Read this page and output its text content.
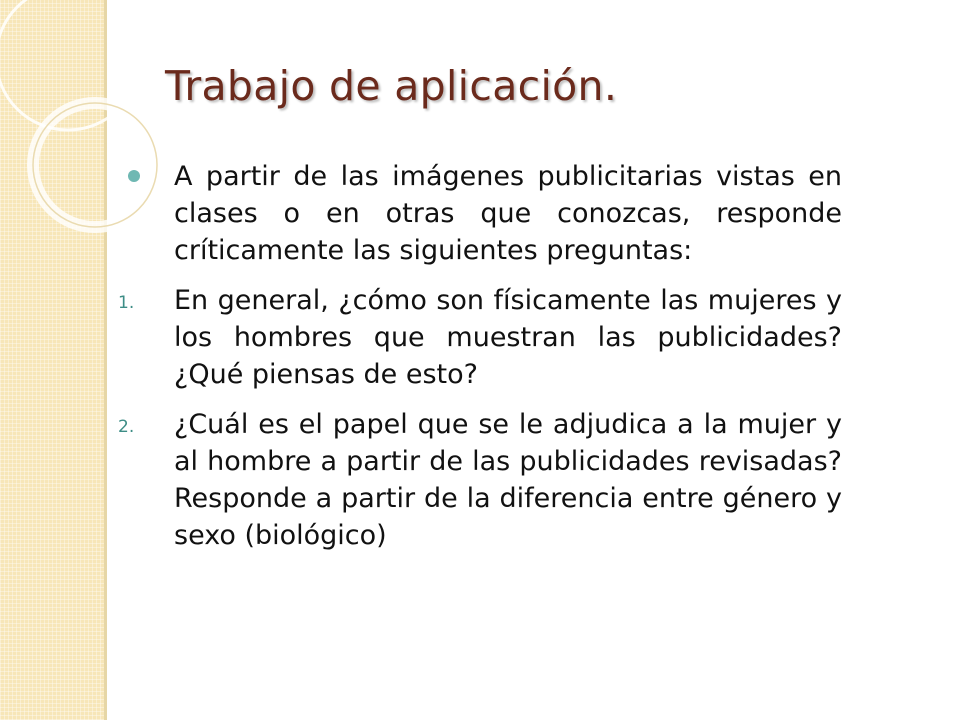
Trabajo de aplicación.
A partir de las imágenes publicitarias vistas en clases o en otras que conozcas, responde críticamente las siguientes preguntas:
1. En general, ¿cómo son físicamente las mujeres y los hombres que muestran las publicidades? ¿Qué piensas de esto?
2. ¿Cuál es el papel que se le adjudica a la mujer y al hombre a partir de las publicidades revisadas? Responde a partir de la diferencia entre género y sexo (biológico)
